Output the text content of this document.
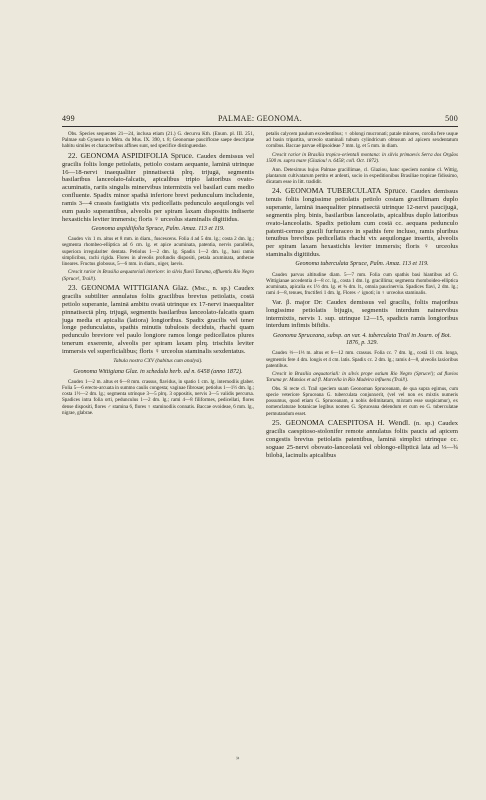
499	PALMAE: GEONOMA.	500

Obs. Species sequentes 21—24, inclusa etiam (21.) G. decurva Kth. (Enum. pl. III. 251, Palmae sub Gynesto in Mém. du Mus. IX. 390, t. 8; Geonomae pauciflorae saepe descriptae habitu similes et characteribus affines sunt, sed specifice distinguendae.

22. GEONOMA ASPIDIFOLIA Spruce. Caudex demissus vel gracilis foliis longe petiolatis, petiolo costam aequante, laminā utrinque 16—18-nervi inaequaliter pinnatisectā plrq. trijugā, segmentis basilaribus lanceolato-falcatis, apicalibus tripio latioribus ovato-acuminatis, rariis singulis minervibus intermixtis vel basilari cum medio confluente. Spadix minor spathā inferiore brevi pedunculum includente, ramis 3—4 crassis fastigiatis vix pedicellatis pedunculo aequilongis vel eum paulo superantibus, alveolis per spiram laxam dispositis indiserte hexastichis leviter immersis; floris ♀ urceolus staminalis digitiidus.

Geonoma aspidiifolia Spruce, Palm. Amaz. 113 et 119.

Caudex vix 1 m. altus et 8 mm. in diam., fuscescens. Folia 4 ad 5 dm. lg.; costa 2 dm. lg.; segmenta rhombeo-elliptica ad 6 cm. lg. et apice acuminata, patentia, nervis parallelis, superiora irregulariter dentata. Petiolus 1—2 dm. lg. Spadix 1—2 dm. lg., basi ramis simplicibus, rachi rigida. Flores in alveolis profundis dispositi, petala acuminata, antherae lineares. Fructus globosus, 5—6 mm. in diam., niger, laevis.

Crescit rarior in Brasilia aequatoriali interiore: in silvis fluvii Taruma, affluentis Rio Negro (Spruce!, Trail!).

23. GEONOMA WITTIGIANA Glaz. (Msc., n. sp.) Caudex gracilis subtiliter annulatus foliis gracilibus brevius petiolatis, costā petiolo superante, laminā ambitu ovatā utrinque ex 17-nervi inaequaliter pinnatisectā plrq. trijugā, segmentis basilaribus lanceolato-falcatis quam juga media et apicalia (latiora) longioribus. Spadix gracilis vel tener longe pedunculatus, spathis minutis tubulosis deciduis, rhachi quam pedunculo breviore vel paulo longiore ramos longe pedicellatos plures tenerum exserente, alveolis per spiram laxam plrq. trischiis leviter immersis vel superficialibus; floris ♀ urceolus staminalis sexdentatus.

Tabula nostra CXV (habitus cum analysi).

Geonoma Wittigiana Glaz. in schedula herb. ad n. 6458 (anno 1872).

Caudex 1—2 m. altus et 6—8 mm. crassus, flavidus, in spatio 1 cm. lg. internodiis glaber. Folia 5—6 erecto-arcuata in summo caulis congesta; vaginae fibrosae; petiolus 1—1½ dm. lg.; costa 1½—2 dm. lg.; segmenta utrinque 3—5 plrq. 3 oppositis, nervis 3—5 validis percursa. Spadices intra folia orti, pedunculus 1—2 dm. lg.; rami 4—8 filiformes, pedicellati, flores dense dispositi, flores ♂ stamina 6, flores ♀ staminodiis connatis. Baccae ovoideae, 6 mm. lg., nigrae, glabrae.

petalis calycem paulum excedentibus; ♀ oblongi mucronati; patale minores, corolla fere usque ad basin tripartita, urceolo staminali tubum cylindricum obtusum ad apicem sexdentatum cornibus. Baccae parvae ellipsoideae 7 mm. lg. et 5 mm. in diam.

Crescit rarior in Brasilia tropico-orientali montana: in silvis primaevis Serra dos Orgãos 1500 m. supra mare (Glaziou! n. 6458; coll. Oct. 1872).

Ann. Deteximus hujus Palmae gracillimae, cl. Glaziou, hanc speciem nomine cl. Wittig, plantarum cultivatarum pertito et ardenti, socio in expeditionibus Brasiliae tropicae fidissimo, dicatam esse in litt. tradidit.

24. GEONOMA TUBERCULATA Spruce. Caudex demissus tenuis foliis longissime petiolatis petiolo costam gracillimam duplo superante, laminā inaequaliter pinnatisectā utrinque 12-nervi paucijugā, segmentis plrq. binis, basilaribus lanceolatis, apicalibus duplo latioribus ovato-lanceolatis. Spadix petiolum cum costā cc. aequans pedunculo patenti-cernuo gracili furfuraceo in spathis fere incluso, ramis pluribus tenuibus brevibus pedicellatis rhachi vix aequilongae insertis, alveolis per spiram laxam hexastichis leviter immersis; floris ♀ urceolus staminalis digitiidus.

Geonoma tuberculata Spruce, Palm. Amaz. 113 et 119.

Caudex parvus altitudine diam. 5—7 mm. Folia cum spathis basi hiantibus ad G. Wittigianae accedentia 4—8 cc. lg., costa 1 dm. lg. gracillima; segmenta rhomboideo-elliptica acuminata, apicalia ex 1½ dm. lg. et ¾ dm. lt., omnia paucinervia. Spadices flavi, 2 dm. lg.; rami 4—8, tenues, fructiferi 1 dm. lg. Flores ♂ ignoti; in ♀ urceolus staminalis.

Var. β. major Dr: Caudex demissus vel gracilis, foliis majoribus longissime petiolatis bijugis, segmentis interdum nainervibus intermixtis, nervis 1. sup. utrinque 12—15, spadicis ramis longioribus interdum infimis bifidis.

Geonoma Spruceana, subsp. an var. 4. tuberculata Trail in Journ. of Bot. 1876, p. 329.

Caudex ⅓—1⅓ m. altus et 6—12 mm. crassus. Folia cc. 7 dm. lg., costā 11 cm. longa, segmentis fere 4 dm. longis et 4 cm. latis. Spadix cc. 2 dm. lg.; ramis 4—8, alveolis laxioribus patentibus.

Crescit in Brasilia aequatoriali: in silvis prope ostium Rio Negro (Spruce!); ad fluvios Taruma pr. Manáos et ad fl. Marcella in Rio Madeira influens (Trail!).

Obs. Si recte cl. Trail speciem suam Geonoman Spruceanam, de qua supra egimus, cum specie veteriore Spruceana G. tuberculata conjunxerit, (vel vel non ex mixtis numeris possumus, quod etiam G. Spruceanam, a nobis delimitatam, mixtam esse suspicamur), ex nomenclaturae botanicae legibus nomen G. Spruceana delendum et cum eo G. tuberculatae permutandum esset.

25. GEONOMA CAESPITOSA H. Wendl. (n. sp.) Caudex gracilis caespitoso-stolonifer remote annulatus foliis paucis ad apicem congestis brevius petiolatis patentibus, laminā simplici utrinque cc. soguae 25-nervi obovato-lanceolatā vel oblongo-ellipticā lata ad ⅓—¾ bilobā, lacinulis apicalibus

»
